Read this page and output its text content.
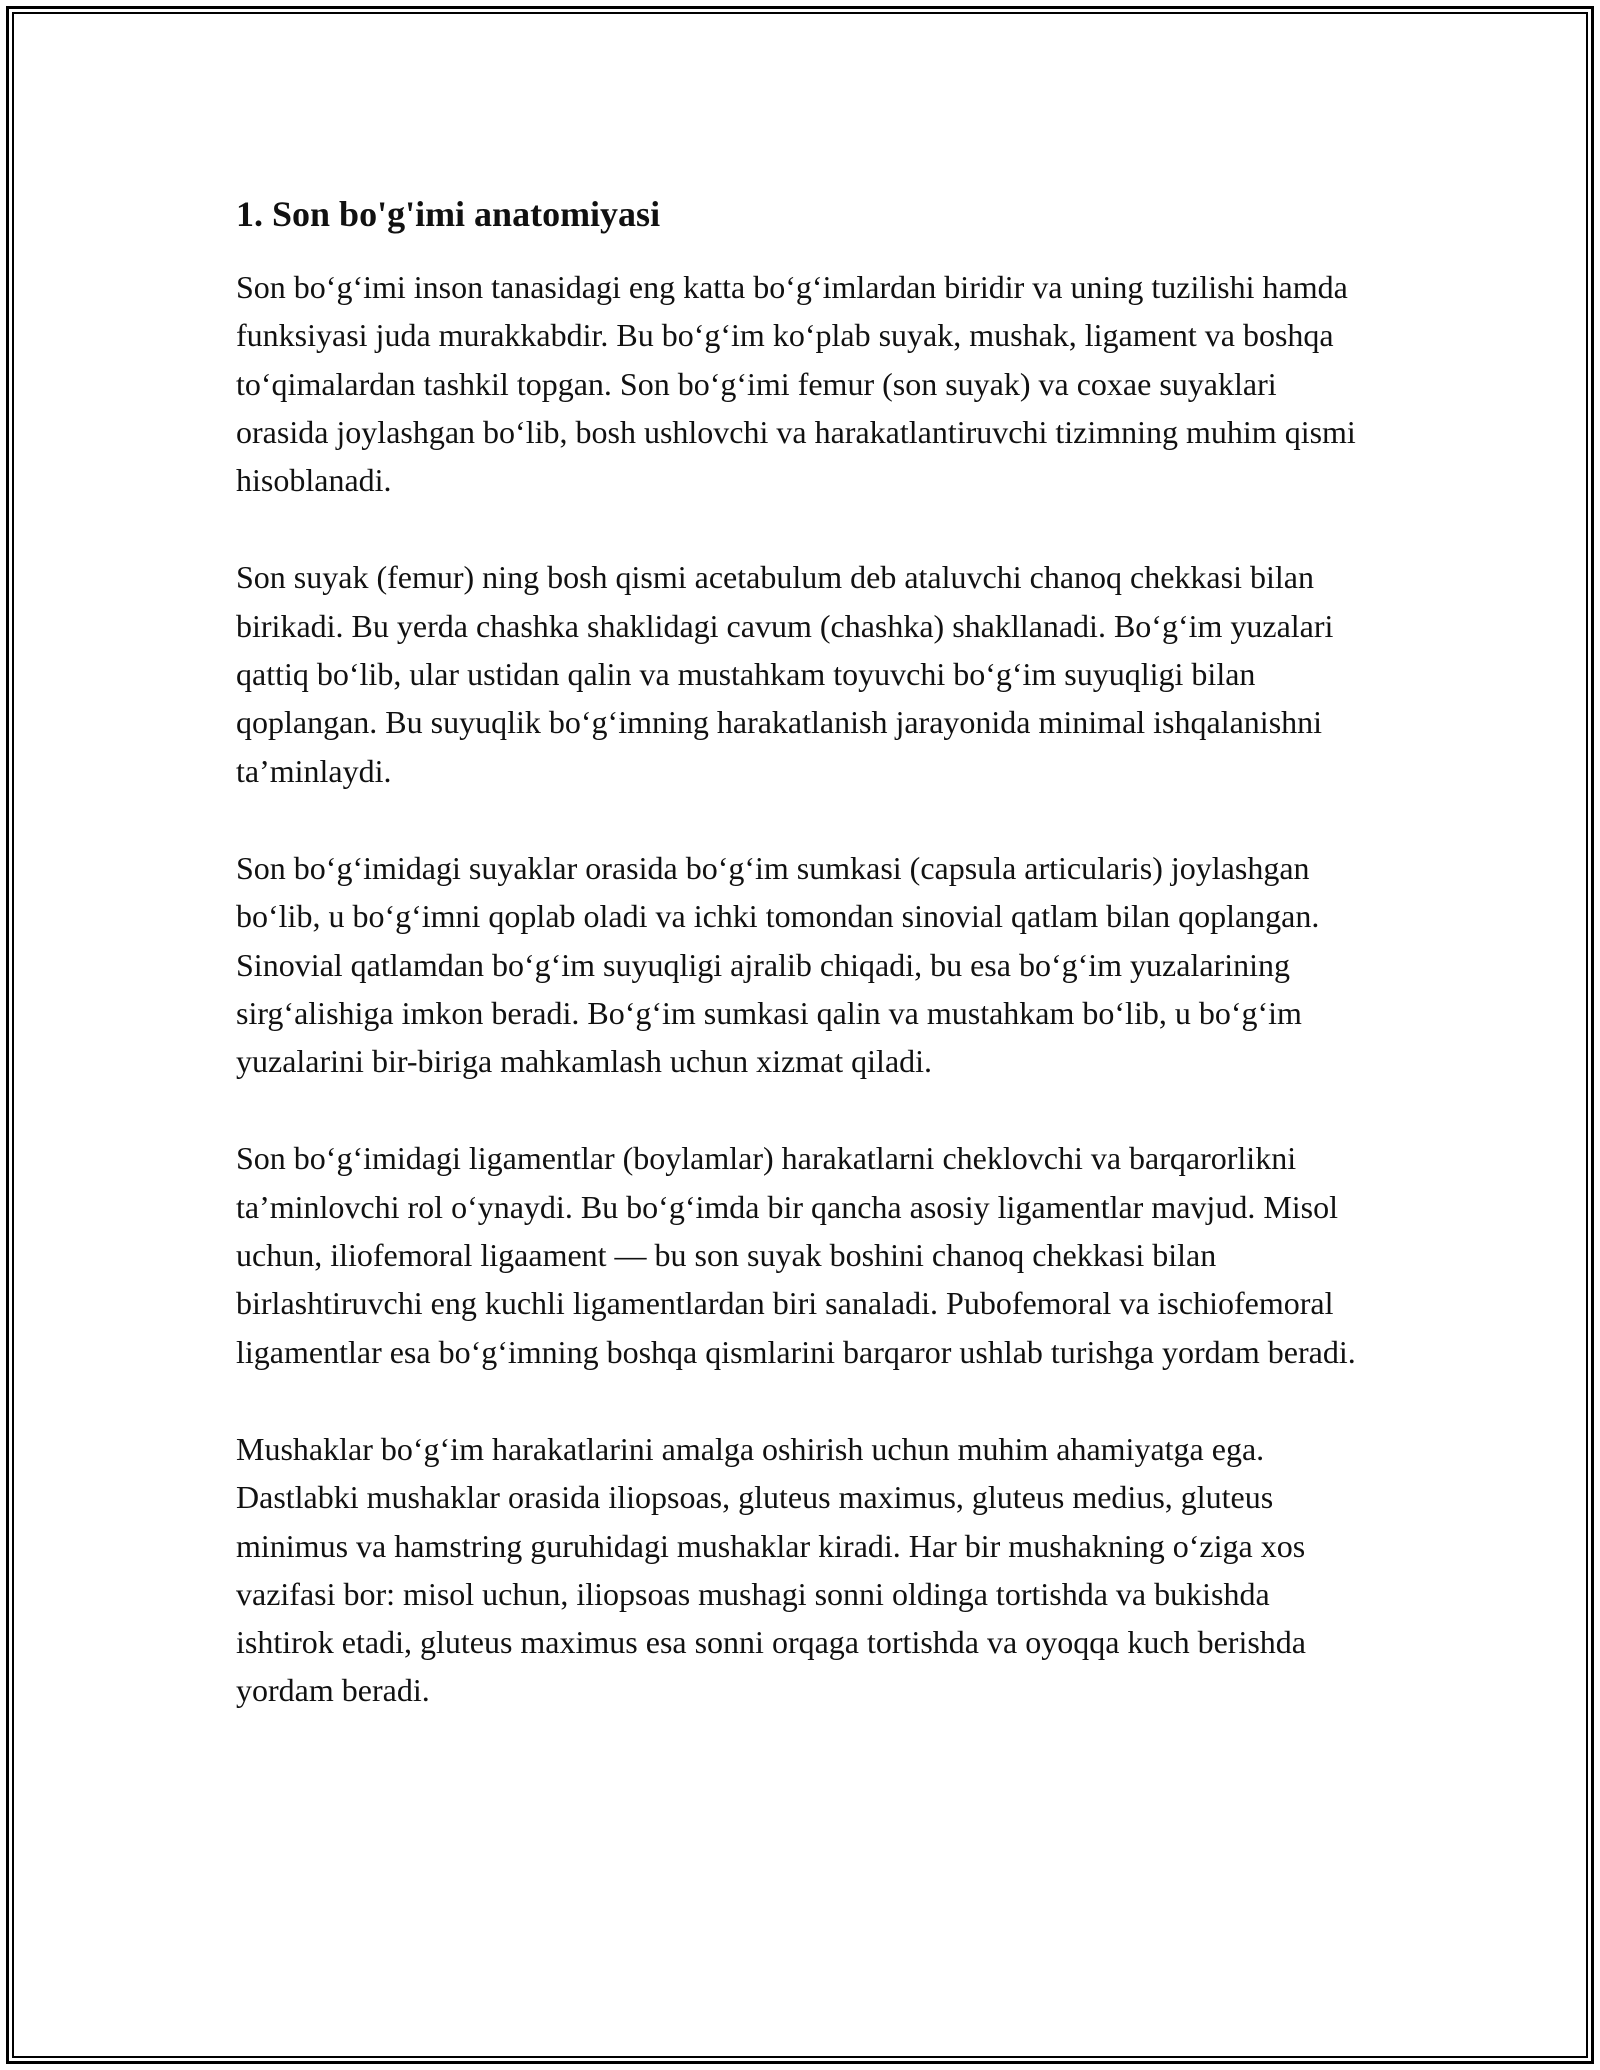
1. Son bo'g'imi anatomiyasi

Son bo‘g‘imi inson tanasidagi eng katta bo‘g‘imlardan biridir va uning tuzilishi hamda funksiyasi juda murakkabdir. Bu bo‘g‘im ko‘plab suyak, mushak, ligament va boshqa to‘qimalardan tashkil topgan. Son bo‘g‘imi femur (son suyak) va coxae suyaklari orasida joylashgan bo‘lib, bosh ushlovchi va harakatlantiruvchi tizimning muhim qismi hisoblanadi.

Son suyak (femur) ning bosh qismi acetabulum deb ataluvchi chanoq chekkasi bilan birikadi. Bu yerda chashka shaklidagi cavum (chashka) shakllanadi. Bo‘g‘im yuzalari qattiq bo‘lib, ular ustidan qalin va mustahkam toyuvchi bo‘g‘im suyuqligi bilan qoplangan. Bu suyuqlik bo‘g‘imning harakatlanish jarayonida minimal ishqalanishni ta’minlaydi.

Son bo‘g‘imidagi suyaklar orasida bo‘g‘im sumkasi (capsula articularis) joylashgan bo‘lib, u bo‘g‘imni qoplab oladi va ichki tomondan sinovial qatlam bilan qoplangan. Sinovial qatlamdan bo‘g‘im suyuqligi ajralib chiqadi, bu esa bo‘g‘im yuzalarining sirg‘alishiga imkon beradi. Bo‘g‘im sumkasi qalin va mustahkam bo‘lib, u bo‘g‘im yuzalarini bir-biriga mahkamlash uchun xizmat qiladi.

Son bo‘g‘imidagi ligamentlar (boylamlar) harakatlarni cheklovchi va barqarorlikni ta’minlovchi rol o‘ynaydi. Bu bo‘g‘imda bir qancha asosiy ligamentlar mavjud. Misol uchun, iliofemoral ligaament — bu son suyak boshini chanoq chekkasi bilan birlashtiruvchi eng kuchli ligamentlardan biri sanaladi. Pubofemoral va ischiofemoral ligamentlar esa bo‘g‘imning boshqa qismlarini barqaror ushlab turishga yordam beradi.

Mushaklar bo‘g‘im harakatlarini amalga oshirish uchun muhim ahamiyatga ega. Dastlabki mushaklar orasida iliopsoas, gluteus maximus, gluteus medius, gluteus minimus va hamstring guruhidagi mushaklar kiradi. Har bir mushakning o‘ziga xos vazifasi bor: misol uchun, iliopsoas mushagi sonni oldinga tortishda va bukishda ishtirok etadi, gluteus maximus esa sonni orqaga tortishda va oyoqqa kuch berishda yordam beradi.
